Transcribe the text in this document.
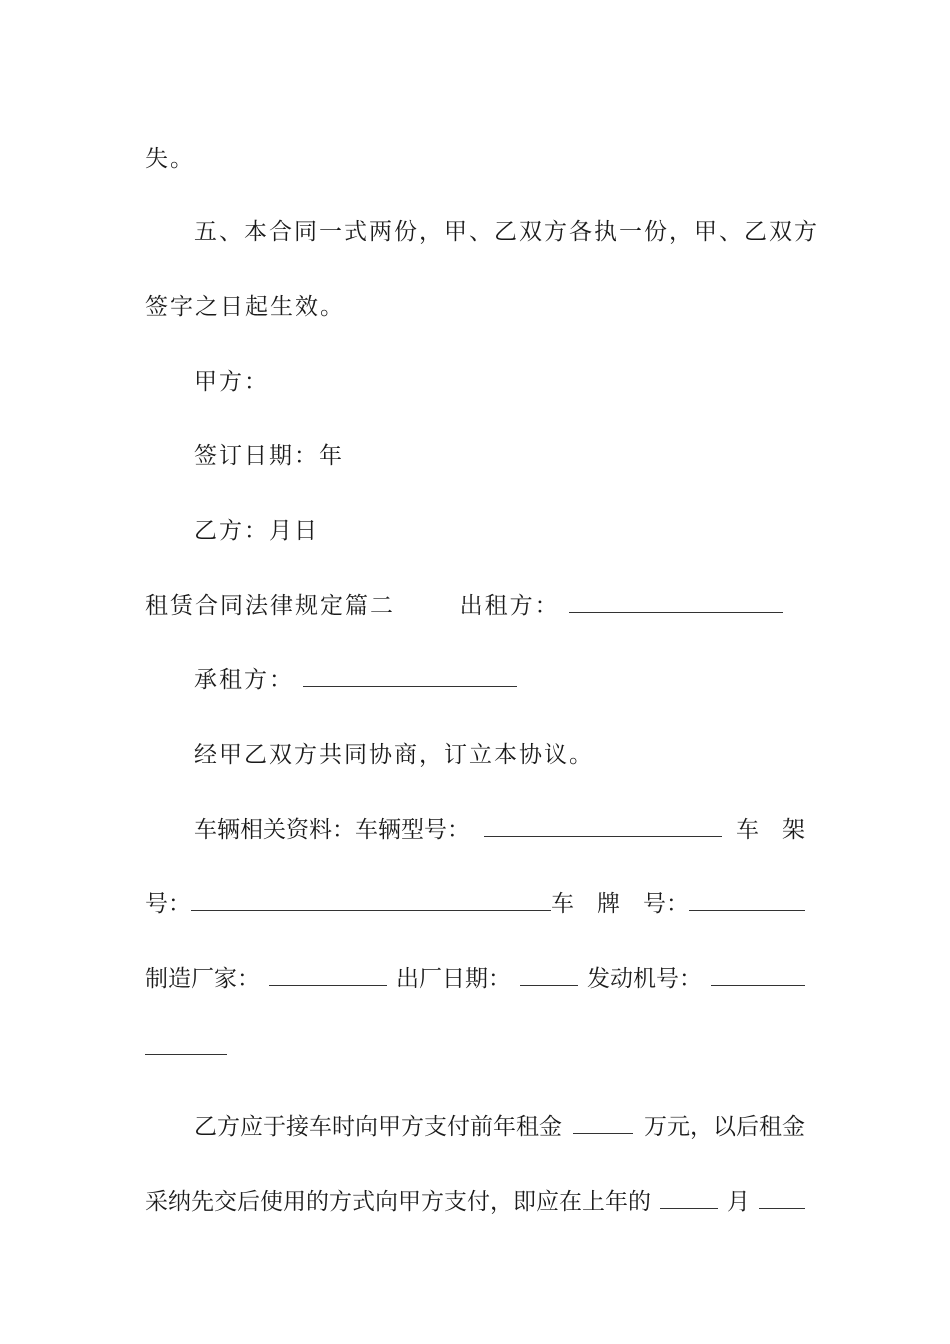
失。
五、本合同一式两份，甲、乙双方各执一份，甲、乙双方
签字之日起生效。
甲方：
签订日期：年
乙方：月日
租赁合同法律规定篇二	出租方：
承租方：
经甲乙双方共同协商，订立本协议。
车辆相关资料：车辆型号：	车　架
号：	车　牌　号：
制造厂家：	出厂日期：	发动机号：
乙方应于接车时向甲方支付前年租金	万元，以后租金
采纳先交后使用的方式向甲方支付，即应在上年的	月
